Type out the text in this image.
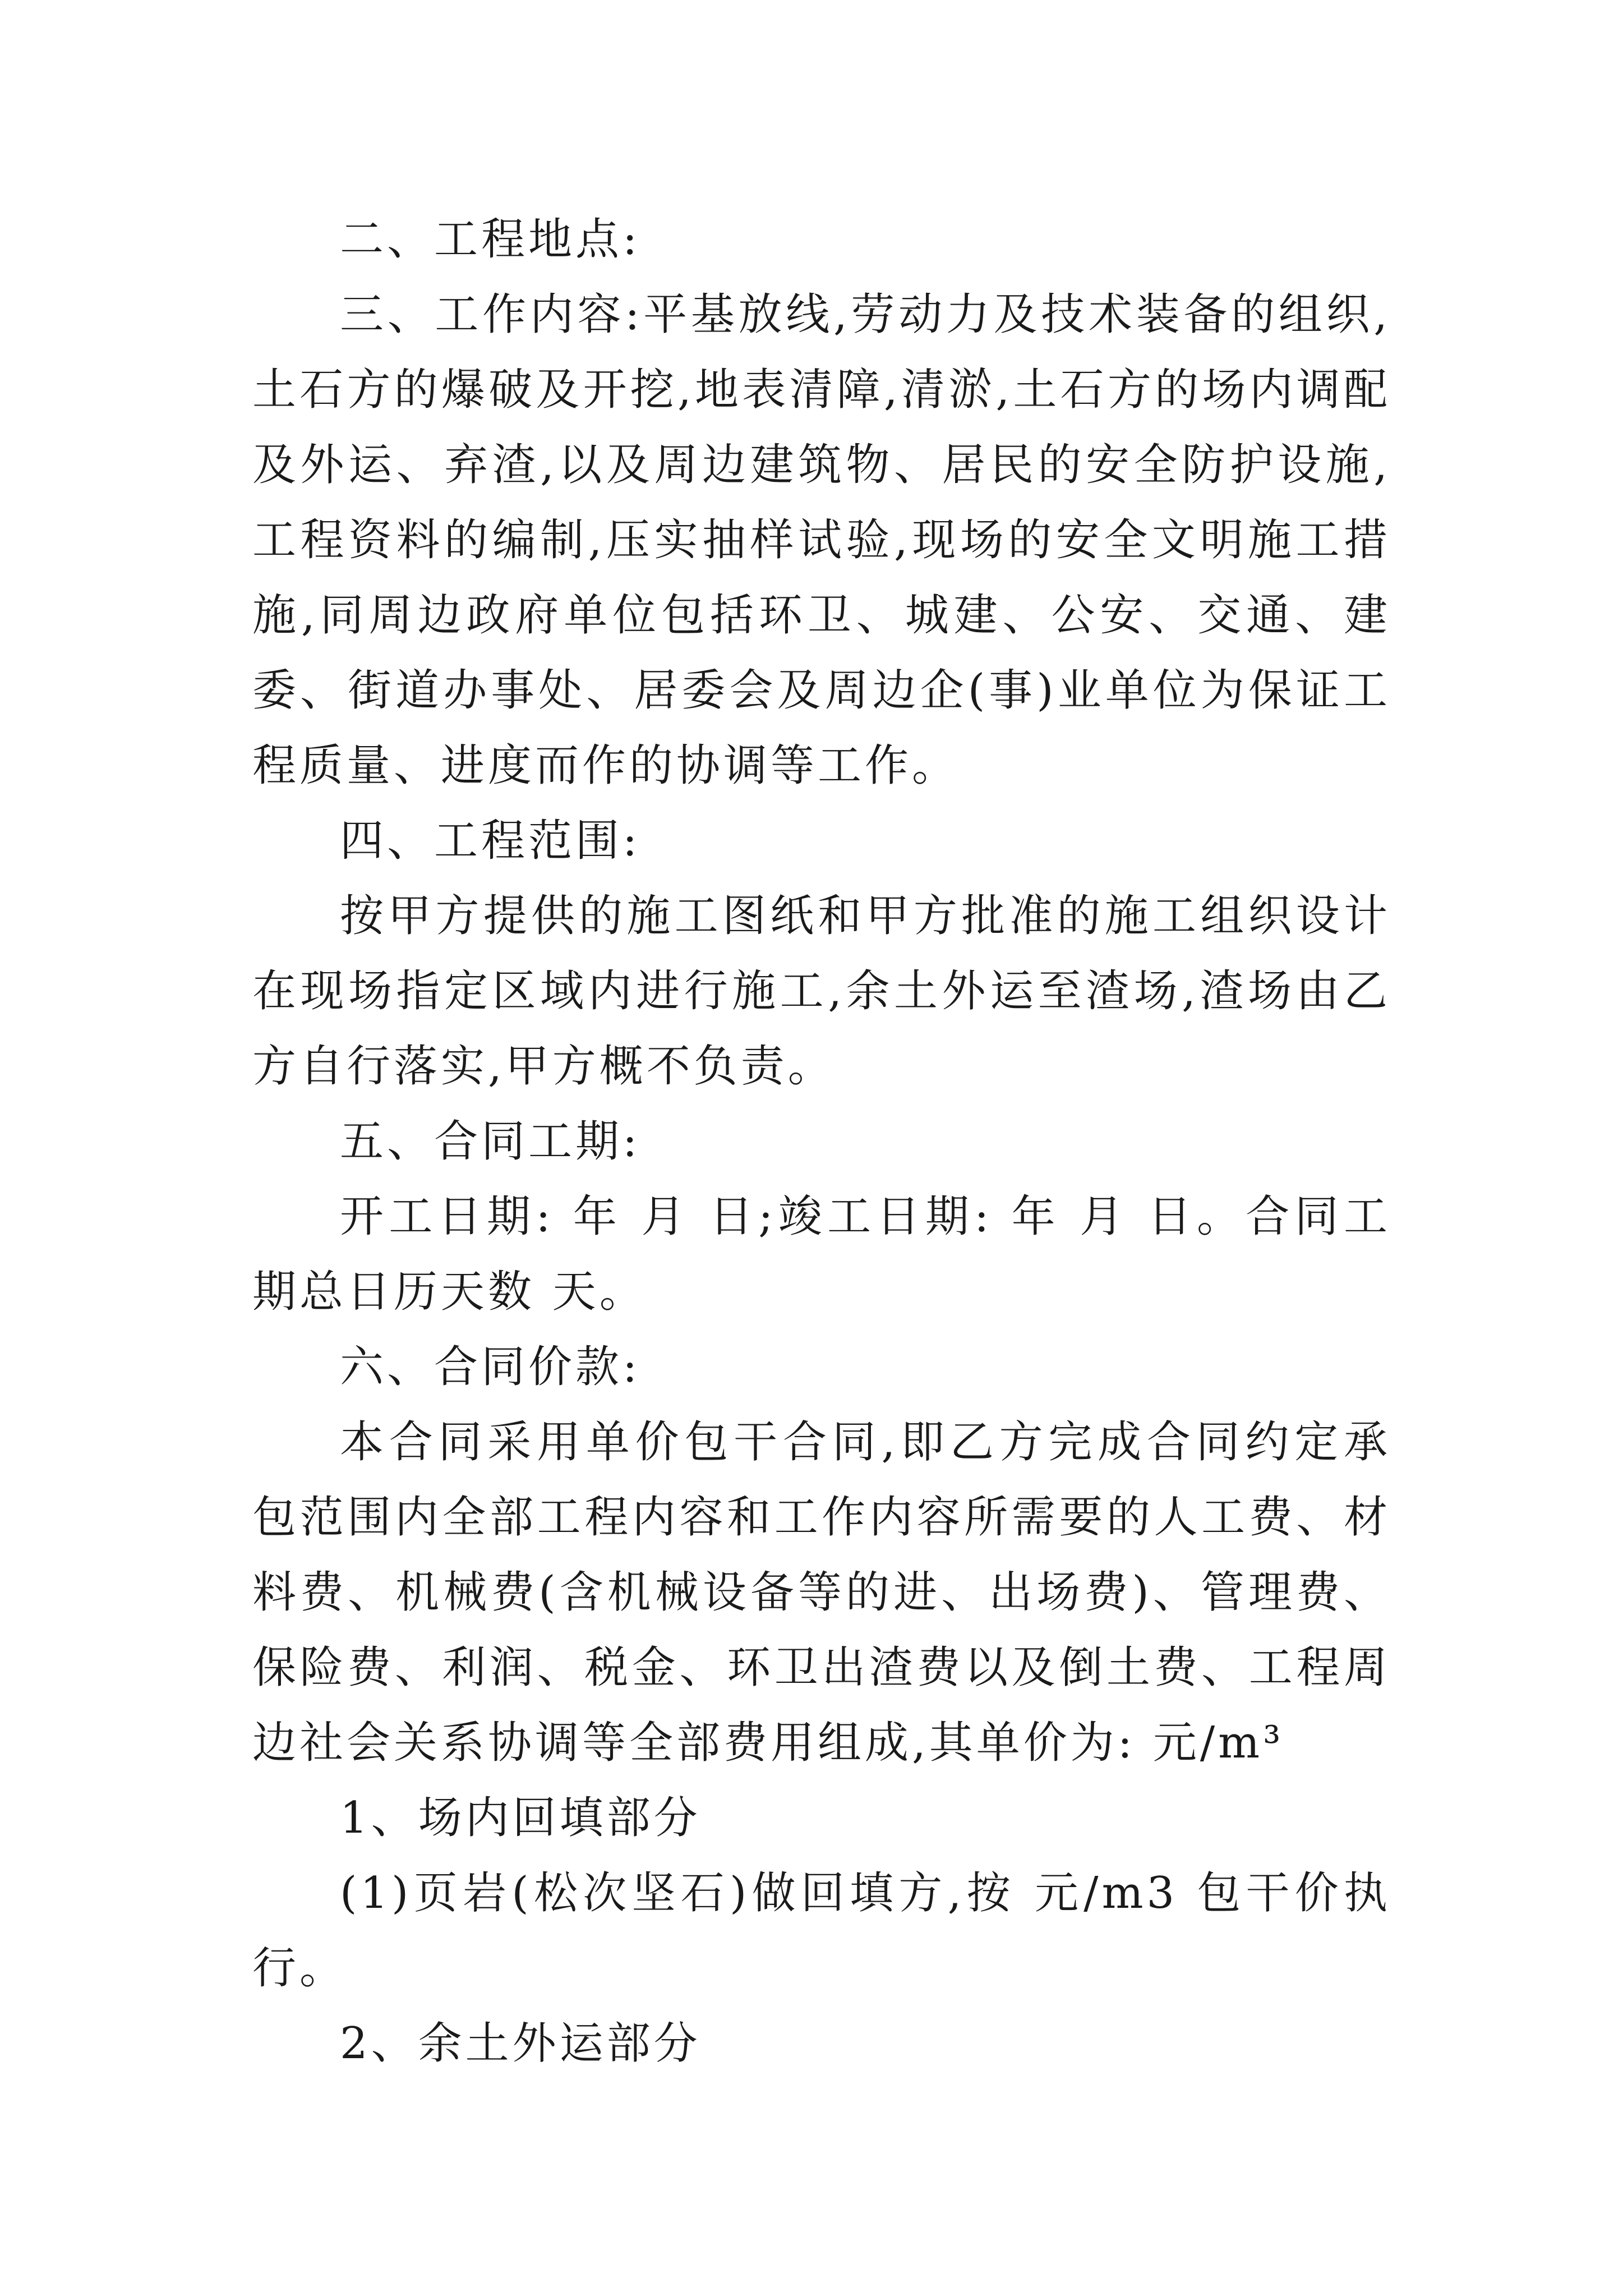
二、工程地点:

三、工作内容:平基放线,劳动力及技术装备的组织,土石方的爆破及开挖,地表清障,清淤,土石方的场内调配及外运、弃渣,以及周边建筑物、居民的安全防护设施,工程资料的编制,压实抽样试验,现场的安全文明施工措施,同周边政府单位包括环卫、城建、公安、交通、建委、街道办事处、居委会及周边企(事)业单位为保证工程质量、进度而作的协调等工作。

四、工程范围:

按甲方提供的施工图纸和甲方批准的施工组织设计在现场指定区域内进行施工,余土外运至渣场,渣场由乙方自行落实,甲方概不负责。

五、合同工期:

开工日期: 年 月 日;竣工日期: 年 月 日。合同工期总日历天数 天。

六、合同价款:

本合同采用单价包干合同,即乙方完成合同约定承包范围内全部工程内容和工作内容所需要的人工费、材料费、机械费(含机械设备等的进、出场费)、管理费、保险费、利润、税金、环卫出渣费以及倒土费、工程周边社会关系协调等全部费用组成,其单价为: 元/m³

1、场内回填部分

(1)页岩(松次坚石)做回填方,按 元/m3 包干价执行。

2、余土外运部分
